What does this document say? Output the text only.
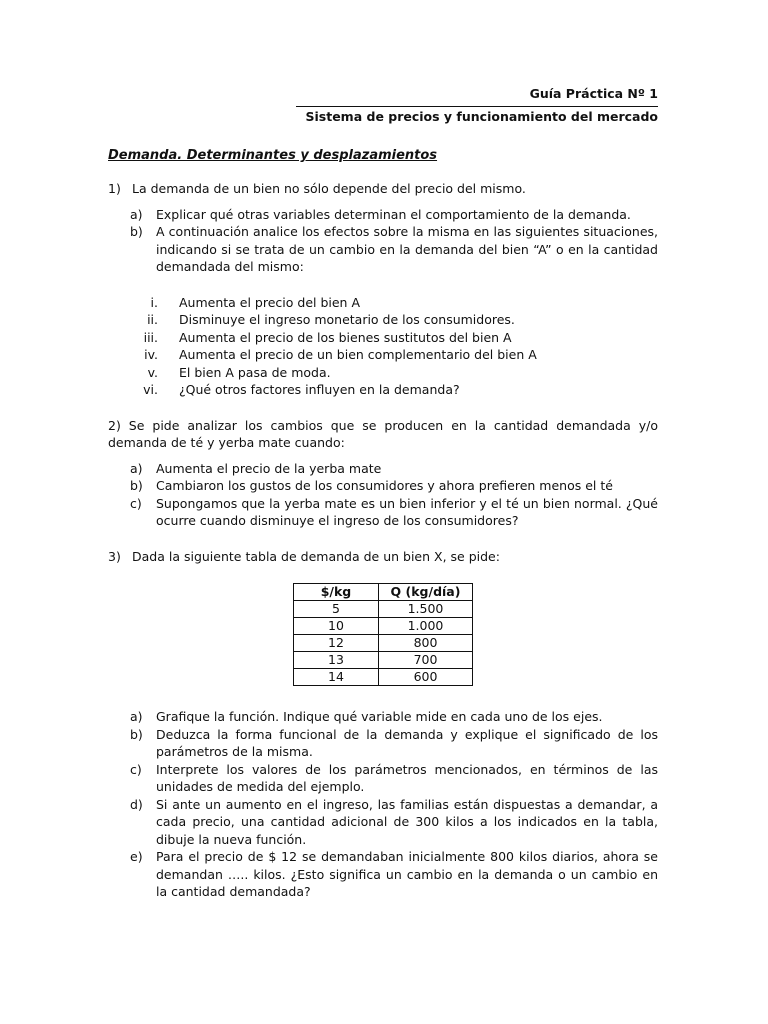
Guía Práctica Nº 1
Sistema de precios y funcionamiento del mercado
Demanda. Determinantes y desplazamientos

1) La demanda de un bien no sólo depende del precio del mismo.

a) Explicar qué otras variables determinan el comportamiento de la demanda.
b) A continuación analice los efectos sobre la misma en las siguientes situaciones, indicando si se trata de un cambio en la demanda del bien “A” o en la cantidad demandada del mismo:
i. Aumenta el precio del bien A
ii. Disminuye el ingreso monetario de los consumidores.
iii. Aumenta el precio de los bienes sustitutos del bien A
iv. Aumenta el precio de un bien complementario del bien A
v. El bien A pasa de moda.
vi. ¿Qué otros factores influyen en la demanda?

2) Se pide analizar los cambios que se producen en la cantidad demandada y/o demanda de té y yerba mate cuando:

a) Aumenta el precio de la yerba mate
b) Cambiaron los gustos de los consumidores y ahora prefieren menos el té
c) Supongamos que la yerba mate es un bien inferior y el té un bien normal. ¿Qué ocurre cuando disminuye el ingreso de los consumidores?

3) Dada la siguiente tabla de demanda de un bien X, se pide:

$/kg	Q (kg/día)
5	1.500
10	1.000
12	800
13	700
14	600
a) Grafique la función. Indique qué variable mide en cada uno de los ejes.
b) Deduzca la forma funcional de la demanda y explique el significado de los parámetros de la misma.
c) Interprete los valores de los parámetros mencionados, en términos de las unidades de medida del ejemplo.
d) Si ante un aumento en el ingreso, las familias están dispuestas a demandar, a cada precio, una cantidad adicional de 300 kilos a los indicados en la tabla, dibuje la nueva función.
e) Para el precio de $ 12 se demandaban inicialmente 800 kilos diarios, ahora se demandan ….. kilos. ¿Esto significa un cambio en la demanda o un cambio en la cantidad demandada?
